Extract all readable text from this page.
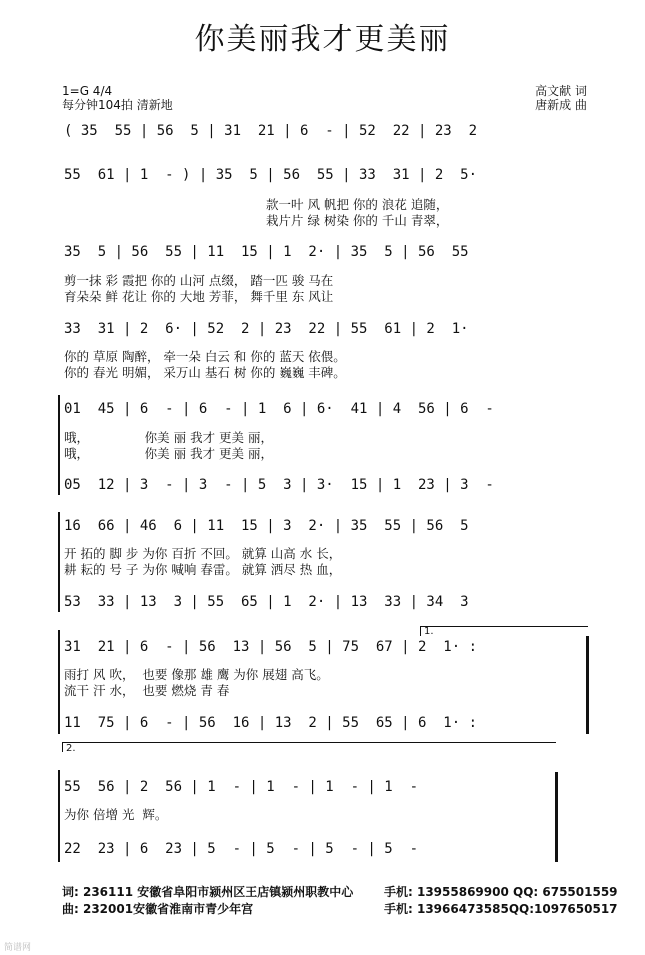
你美丽我才更美丽
1=G 4/4
每分钟104拍 清新地
高文献 词
唐新成 曲
( 35  55 | 56  5 | 31  21 | 6  - | 52  22 | 23  2
55  61 | 1  - ) | 35  5 | 56  55 | 33  31 | 2  5·
款一叶 风 帆把 你的 浪花 追随，
栽片片 绿 树染 你的 千山 青翠，
35  5 | 56  55 | 11  15 | 1  2· | 35  5 | 56  55
剪一抹 彩 霞把 你的 山河 点缀， 踏一匹 骏 马在
育朵朵 鲜 花让 你的 大地 芳菲， 舞千里 东 风让
33  31 | 2  6· | 52  2 | 23  22 | 55  61 | 2  1·
你的 草原 陶醉， 牵一朵 白云 和 你的 蓝天 依偎。
你的 春光 明媚， 采万山 基石 树 你的 巍巍 丰碑。
01  45 | 6  - | 6  - | 1  6 | 6·  41 | 4  56 | 6  -
哦，              你美 丽 我才 更美 丽，
哦，              你美 丽 我才 更美 丽，
05  12 | 3  - | 3  - | 5  3 | 3·  15 | 1  23 | 3  -
16  66 | 46  6 | 11  15 | 3  2· | 35  55 | 56  5
开 拓的 脚 步 为你 百折 不回。 就算 山高 水 长，
耕 耘的 号 子 为你 喊响 春雷。 就算 洒尽 热 血，
53  33 | 13  3 | 55  65 | 1  2· | 13  33 | 34  3
1.
31  21 | 6  - | 56  13 | 56  5 | 75  67 | 2  1· :
雨打 风 吹，  也要 像那 雄 鹰 为你 展翅 高飞。
流干 汗 水，  也要 燃烧 青 春
11  75 | 6  - | 56  16 | 13  2 | 55  65 | 6  1· :
2.
55  56 | 2  56 | 1  - | 1  - | 1  - | 1  -
为你 倍增 光  辉。
22  23 | 6  23 | 5  - | 5  - | 5  - | 5  -
词: 236111 安徽省阜阳市颍州区王店镇颍州职教中心	手机: 13955869900 QQ: 675501559
曲: 232001安徽省淮南市青少年宫	手机: 13966473585QQ:1097650517
简谱网
